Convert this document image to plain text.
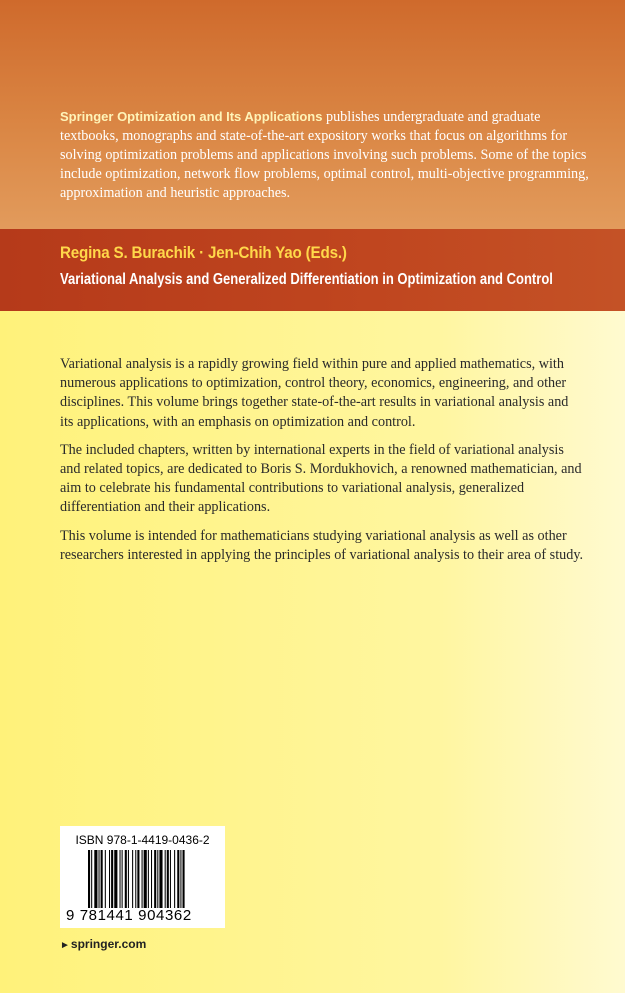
Springer Optimization and Its Applications publishes undergraduate and graduate textbooks, monographs and state-of-the-art expository works that focus on algorithms for solving optimization problems and applications involving such problems. Some of the topics include optimization, network flow problems, optimal control, multi-objective programming, approximation and heuristic approaches.

Regina S. Burachik · Jen-Chih Yao (Eds.)

Variational Analysis and Generalized Differentiation in Optimization and Control

Variational analysis is a rapidly growing field within pure and applied mathematics, with numerous applications to optimization, control theory, economics, engineering, and other disciplines. This volume brings together state-of-the-art results in variational analysis and its applications, with an emphasis on optimization and control.

The included chapters, written by international experts in the field of variational analysis and related topics, are dedicated to Boris S. Mordukhovich, a renowned mathematician, and aim to celebrate his fundamental contributions to variational analysis, generalized differentiation and their applications.

This volume is intended for mathematicians studying variational analysis as well as other researchers interested in applying the principles of variational analysis to their area of study.

ISBN 978-1-4419-0436-2
9 781441 904362
►springer.com
